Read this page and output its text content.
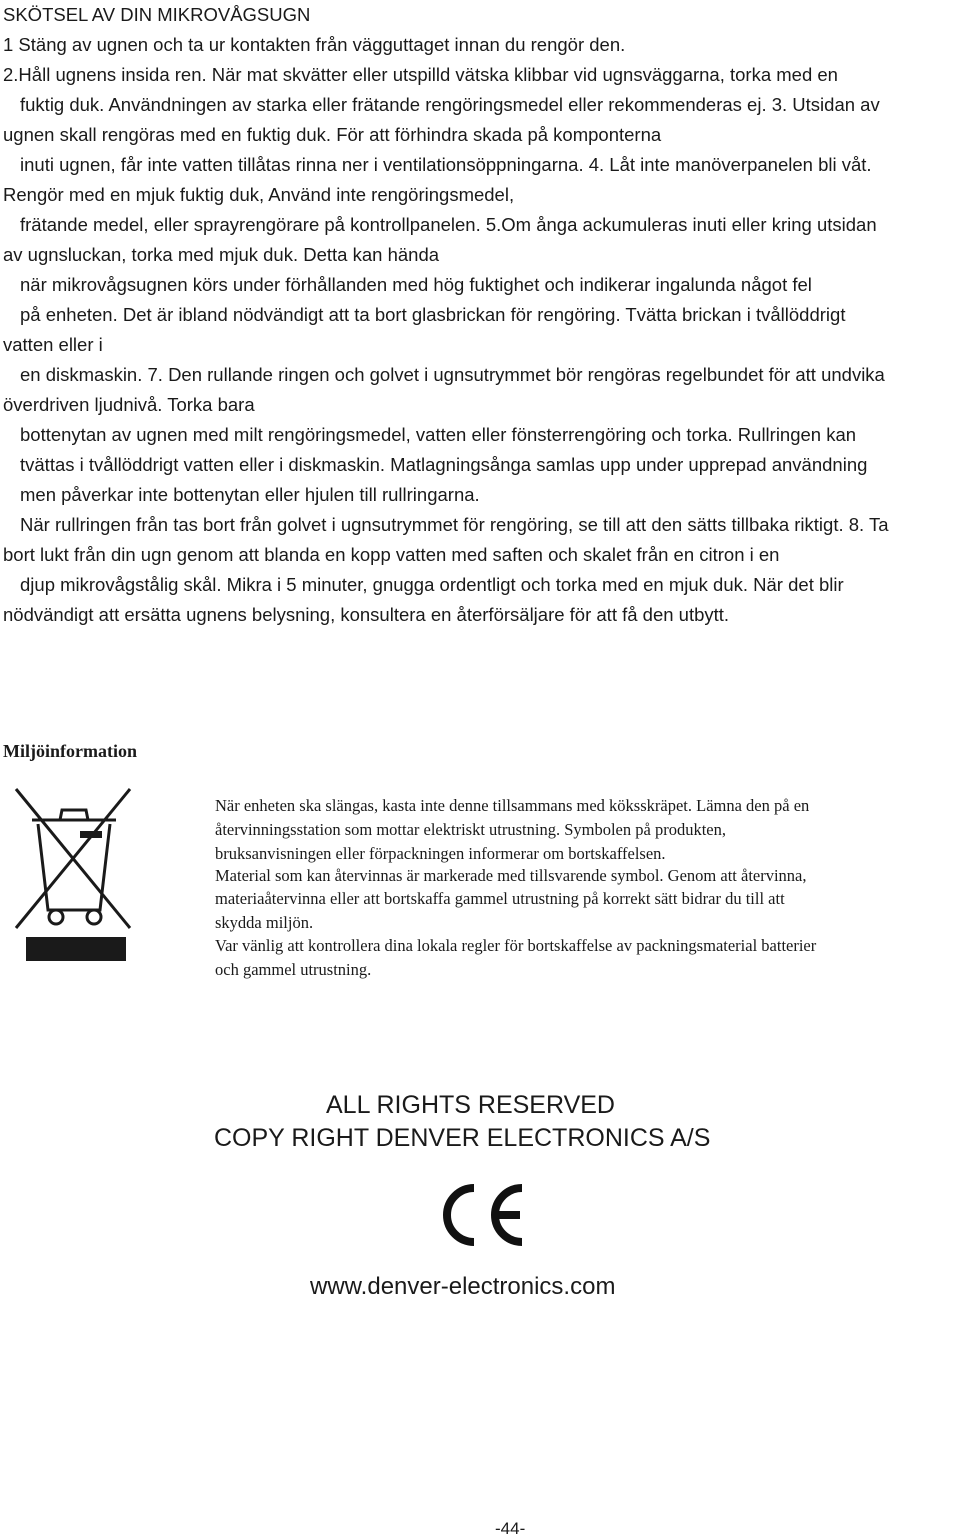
SKÖTSEL AV DIN MIKROVÅGSUGN
1 Stäng av ugnen och ta ur kontakten från vägguttaget innan du rengör den.
2.Håll ugnens insida ren. När mat skvätter eller utspilld vätska klibbar vid ugnsväggarna, torka med en
fuktig duk. Användningen av starka eller frätande rengöringsmedel eller rekommenderas ej. 3. Utsidan av
ugnen skall rengöras med en fuktig duk. För att förhindra skada på komponterna
inuti ugnen, får inte vatten tillåtas rinna ner i ventilationsöppningarna. 4. Låt inte manöverpanelen bli våt.
Rengör med en mjuk fuktig duk, Använd inte rengöringsmedel,
frätande medel, eller sprayrengörare på kontrollpanelen. 5.Om ånga ackumuleras inuti eller kring utsidan
av ugnsluckan, torka med mjuk duk. Detta kan hända
när mikrovågsugnen körs under förhållanden med hög fuktighet och indikerar ingalunda något fel
på enheten. Det är ibland nödvändigt att ta bort glasbrickan för rengöring. Tvätta brickan i tvållöddrigt
vatten eller i
en diskmaskin. 7. Den rullande ringen och golvet i ugnsutrymmet bör rengöras regelbundet för att undvika
överdriven ljudnivå. Torka bara
bottenytan av ugnen med milt rengöringsmedel, vatten eller fönsterrengöring och torka. Rullringen kan
tvättas i tvållöddrigt vatten eller i diskmaskin. Matlagningsånga samlas upp under upprepad användning
men påverkar inte bottenytan eller hjulen till rullringarna.
När rullringen från tas bort från golvet i ugnsutrymmet för rengöring, se till att den sätts tillbaka riktigt. 8. Ta
bort lukt från din ugn genom att blanda en kopp vatten med saften och skalet från en citron i en
djup mikrovågstålig skål. Mikra i 5 minuter, gnugga ordentligt och torka med en mjuk duk. När det blir
nödvändigt att ersätta ugnens belysning, konsultera en återförsäljare för att få den utbytt.
Miljöinformation
När enheten ska slängas, kasta inte denne tillsammans med köksskräpet. Lämna den på en
återvinningsstation som mottar elektriskt utrustning. Symbolen på produkten,
bruksanvisningen eller förpackningen informerar om bortskaffelsen.
Material som kan återvinnas är markerade med tillsvarende symbol. Genom att återvinna,
materiaåtervinna eller att bortskaffa gammel utrustning på korrekt sätt bidrar du till att
skydda miljön.
Var vänlig att kontrollera dina lokala regler för bortskaffelse av packningsmaterial batterier
och gammel utrustning.
ALL RIGHTS RESERVED
COPY RIGHT DENVER ELECTRONICS A/S
www.denver-electronics.com
-44-
